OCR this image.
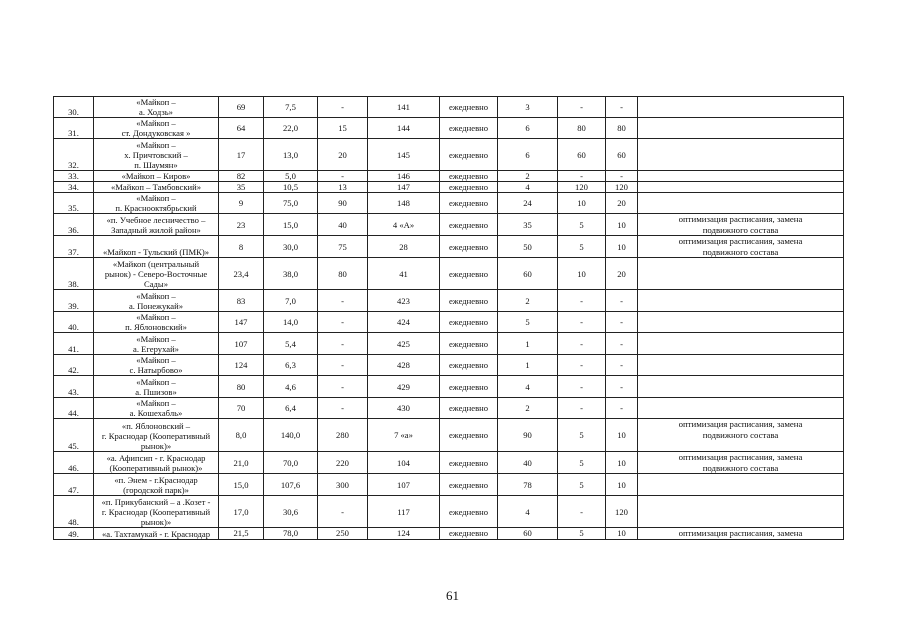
30.	«Майкоп –
а. Ходзь»	69	7,5	-	141	ежедневно	3	-	-	

31.	«Майкоп –
ст. Дондуковская »	64	22,0	15	144	ежедневно	6	80	80	

32.	«Майкоп –
х. Причтовский –
п. Шаумян»	17	13,0	20	145	ежедневно	6	60	60	

33.	«Майкоп – Киров»	82	5,0	-	146	ежедневно	2	-	-	

34.	«Майкоп – Тамбовский»	35	10,5	13	147	ежедневно	4	120	120	

35.	«Майкоп –
п. Краснооктябрьский	9	75,0	90	148	ежедневно	24	10	20	

36.	«п. Учебное лесничество –
Западный жилой район»	23	15,0	40	4 «А»	ежедневно	35	5	10	оптимизация расписания, замена
подвижного состава

37.	«Майкоп - Тульский (ПМК)»	8	30,0	75	28	ежедневно	50	5	10	оптимизация расписания, замена
подвижного состава

38.	«Майкоп (центральный
рынок) - Северо-Восточные
Сады»	23,4	38,0	80	41	ежедневно	60	10	20	

39.	«Майкоп –
а. Понежукай»	83	7,0	-	423	ежедневно	2	-	-	

40.	«Майкоп –
п. Яблоновский»	147	14,0	-	424	ежедневно	5	-	-	

41.	«Майкоп –
а. Егерухай»	107	5,4	-	425	ежедневно	1	-	-	

42.	«Майкоп –
с. Натырбово»	124	6,3	-	428	ежедневно	1	-	-	

43.	«Майкоп –
а. Пшизов»	80	4,6	-	429	ежедневно	4	-	-	

44.	«Майкоп –
а. Кошехабль»	70	6,4	-	430	ежедневно	2	-	-	

45.	«п. Яблоновский –
г. Краснодар (Кооперативный
рынок)»	8,0	140,0	280	7 «а»	ежедневно	90	5	10	оптимизация расписания, замена
подвижного состава

46.	«а. Афипсип - г. Краснодар
(Кооперативный рынок)»	21,0	70,0	220	104	ежедневно	40	5	10	оптимизация расписания, замена
подвижного состава

47.	«п. Энем - г.Краснодар
(городской парк)»	15,0	107,6	300	107	ежедневно	78	5	10	

48.	«п. Прикубанский – а .Козет -
г. Краснодар (Кооперативный
рынок)»	17,0	30,6	-	117	ежедневно	4	-	120	

49.	«а. Тахтамукай - г. Краснодар	21,5	78,0	250	124	ежедневно	60	5	10	оптимизация расписания, замена
61
